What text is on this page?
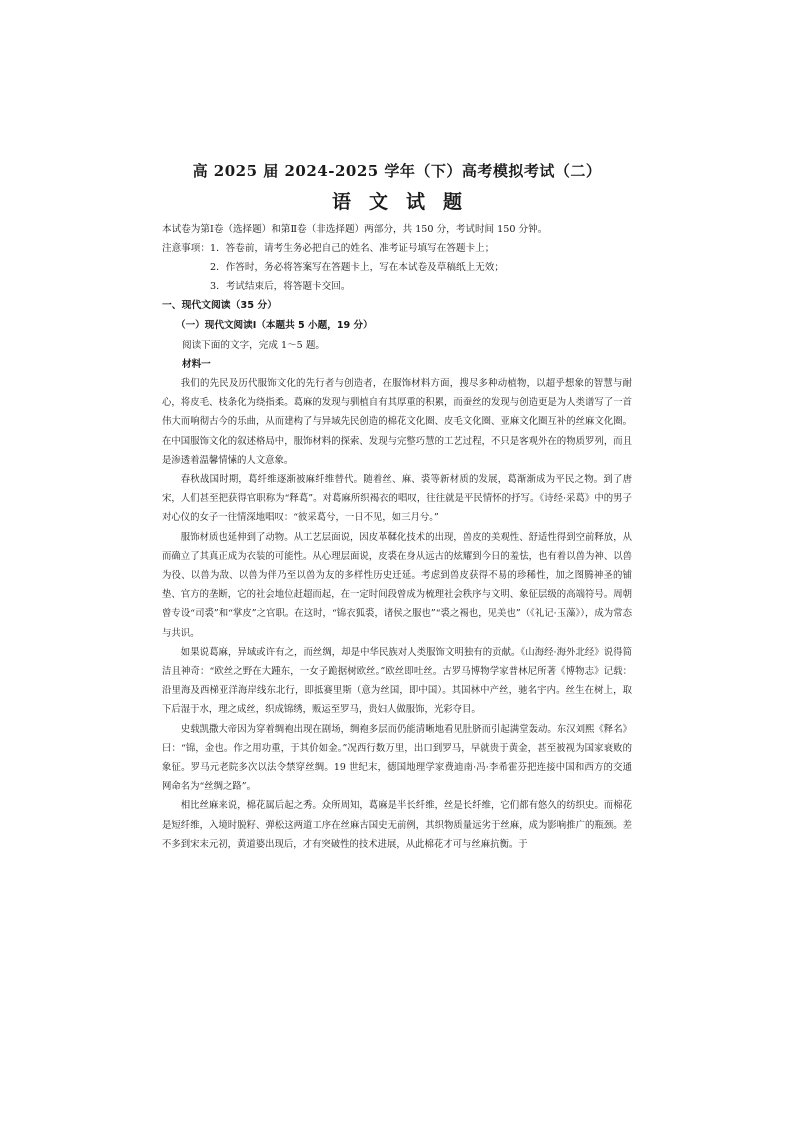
高 2025 届 2024-2025 学年（下）高考模拟考试（二）
语文试题
本试卷为第Ⅰ卷（选择题）和第Ⅱ卷（非选择题）两部分，共 150 分，考试时间 150 分钟。
注意事项：1．答卷前，请考生务必把自己的姓名、准考证号填写在答题卡上；
2．作答时，务必将答案写在答题卡上，写在本试卷及草稿纸上无效；
3．考试结束后，将答题卡交回。
一、现代文阅读（35 分）
（一）现代文阅读Ⅰ（本题共 5 小题，19 分）
阅读下面的文字，完成 1～5 题。
材料一

我们的先民及历代服饰文化的先行者与创造者，在服饰材料方面，搜尽多种动植物，以超乎想象的智慧与耐心，将皮毛、枝条化为绕指柔。葛麻的发现与驯植自有其厚重的积累，而蚕丝的发现与创造更是为人类谱写了一首伟大而响彻古今的乐曲，从而建构了与异域先民创造的棉花文化圈、皮毛文化圈、亚麻文化圈互补的丝麻文化圈。在中国服饰文化的叙述格局中，服饰材料的探索、发现与完整巧慧的工艺过程，不只是客观外在的物质罗列，而且是渗透着温馨情愫的人文意象。

春秋战国时期，葛纤维逐渐被麻纤维替代。随着丝、麻、裘等新材质的发展，葛渐渐成为平民之物。到了唐宋，人们甚至把获得官职称为“释葛”。对葛麻所织褐衣的唱叹，往往就是平民情怀的抒写。《诗经·采葛》中的男子对心仪的女子一往情深地唱叹：“彼采葛兮，一日不见，如三月兮。”

服饰材质也延伸到了动物。从工艺层面说，因皮革鞣化技术的出现，兽皮的美观性、舒适性得到空前释放，从而确立了其真正成为衣装的可能性。从心理层面说，皮裘在身从远古的炫耀到今日的羞怯，也有着以兽为神、以兽为役、以兽为敌、以兽为伴乃至以兽为友的多样性历史迁延。考虑到兽皮获得不易的珍稀性，加之图腾神圣的铺垫、官方的垄断，它的社会地位赶超而起，在一定时间段曾成为梳理社会秩序与文明、象征层级的高端符号。周朝曾专设“司裘”和“掌皮”之官职。在这时，“锦衣狐裘，诸侯之服也”“裘之裼也，见美也”（《礼记·玉藻》），成为常态与共识。

如果说葛麻，异域或许有之，而丝绸，却是中华民族对人类服饰文明独有的贡献。《山海经·海外北经》说得简洁且神奇：“欧丝之野在大踵东，一女子跪据树欧丝。”欧丝即吐丝。古罗马博物学家普林尼所著《博物志》记载：沿里海及西梯亚洋海岸线东北行，即抵赛里斯（意为丝国，即中国）。其国林中产丝，驰名宇内。丝生在树上，取下后湿于水，理之成丝，织成锦绣，贩运至罗马，贵妇人做服饰，光彩夺目。

史载凯撒大帝因为穿着绸袍出现在剧场，绸袍多层而仍能清晰地看见肚脐而引起满堂轰动。东汉刘熙《释名》曰：“锦，金也。作之用功重，于其价如金。”况西行数万里，出口到罗马，早就贵于黄金，甚至被视为国家衰败的象征。罗马元老院多次以法令禁穿丝绸。19 世纪末，德国地理学家费迪南·冯·李希霍芬把连接中国和西方的交通网命名为“丝绸之路”。

相比丝麻来说，棉花属后起之秀。众所周知，葛麻是半长纤维，丝是长纤维，它们都有悠久的纺织史。而棉花是短纤维，入境时脱籽、弹松这两道工序在丝麻古国史无前例，其织物质量远劣于丝麻，成为影响推广的瓶颈。差不多到宋末元初，黄道婆出现后，才有突破性的技术进展，从此棉花才可与丝麻抗衡。于
